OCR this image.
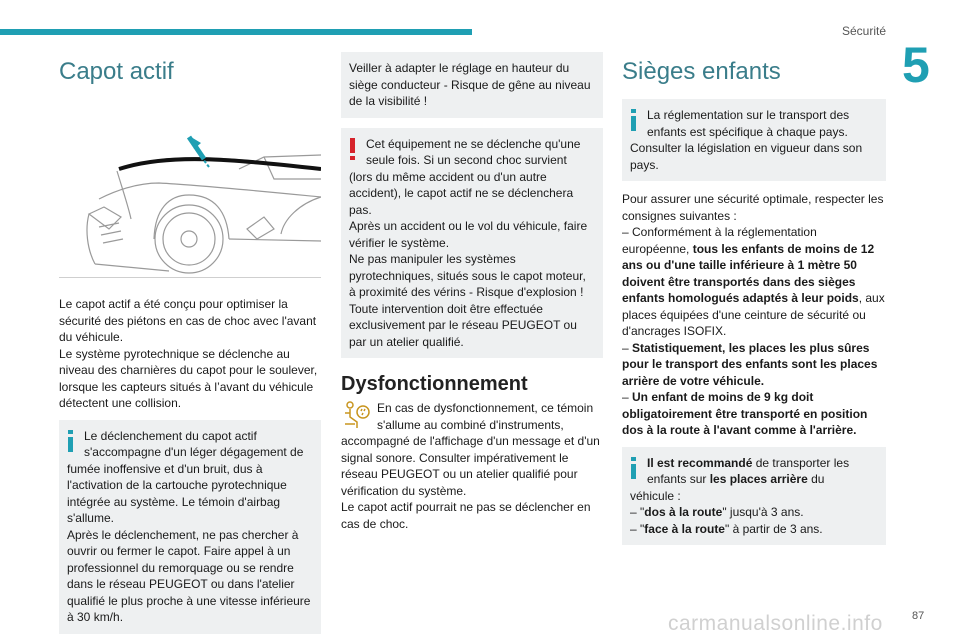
Sécurité
5
87
carmanualsonline.info
Capot actif

Le capot actif a été conçu pour optimiser la sécurité des piétons en cas de choc avec l'avant du véhicule.

Le système pyrotechnique se déclenche au niveau des charnières du capot pour le soulever, lorsque les capteurs situés à l’avant du véhicule détectent une collision.

Le déclenchement du capot actif s'accompagne d'un léger dégagement de
fumée inoffensive et d'un bruit, dus à l'activation de la cartouche pyrotechnique intégrée au système. Le témoin d'airbag s'allume.
Après le déclenchement, ne pas chercher à ouvrir ou fermer le capot. Faire appel à un professionnel du remorquage ou se rendre dans le réseau PEUGEOT ou dans l'atelier qualifié le plus proche à une vitesse inférieure à 30 km/h.
Veiller à adapter le réglage en hauteur du siège conducteur - Risque de gêne au niveau de la visibilité !
Cet équipement ne se déclenche qu'une seule fois. Si un second choc survient
(lors du même accident ou d'un autre accident), le capot actif ne se déclenchera pas.
Après un accident ou le vol du véhicule, faire vérifier le système.
Ne pas manipuler les systèmes pyrotechniques, situés sous le capot moteur, à proximité des vérins - Risque d'explosion !
Toute intervention doit être effectuée exclusivement par le réseau PEUGEOT ou par un atelier qualifié.
Dysfonctionnement

En cas de dysfonctionnement, ce témoin s'allume au combiné d'instruments,

accompagné de l'affichage d'un message et d'un signal sonore. Consulter impérativement le réseau PEUGEOT ou un atelier qualifié pour vérification du système.

Le capot actif pourrait ne pas se déclencher en cas de choc.

Sièges enfants
La réglementation sur le transport des enfants est spécifique à chaque pays.
Consulter la législation en vigueur dans son pays.

Pour assurer une sécurité optimale, respecter les consignes suivantes :

– Conformément à la réglementation européenne, tous les enfants de moins de 12 ans ou d'une taille inférieure à 1 mètre 50 doivent être transportés dans des sièges enfants homologués adaptés à leur poids, aux places équipées d'une ceinture de sécurité ou d'ancrages ISOFIX.

– Statistiquement, les places les plus sûres pour le transport des enfants sont les places arrière de votre véhicule.

– Un enfant de moins de 9 kg doit obligatoirement être transporté en position dos à la route à l'avant comme à l'arrière.

Il est recommandé de transporter les
enfants sur les places arrière du
véhicule :
– "dos à la route" jusqu'à 3 ans.
– "face à la route" à partir de 3 ans.
